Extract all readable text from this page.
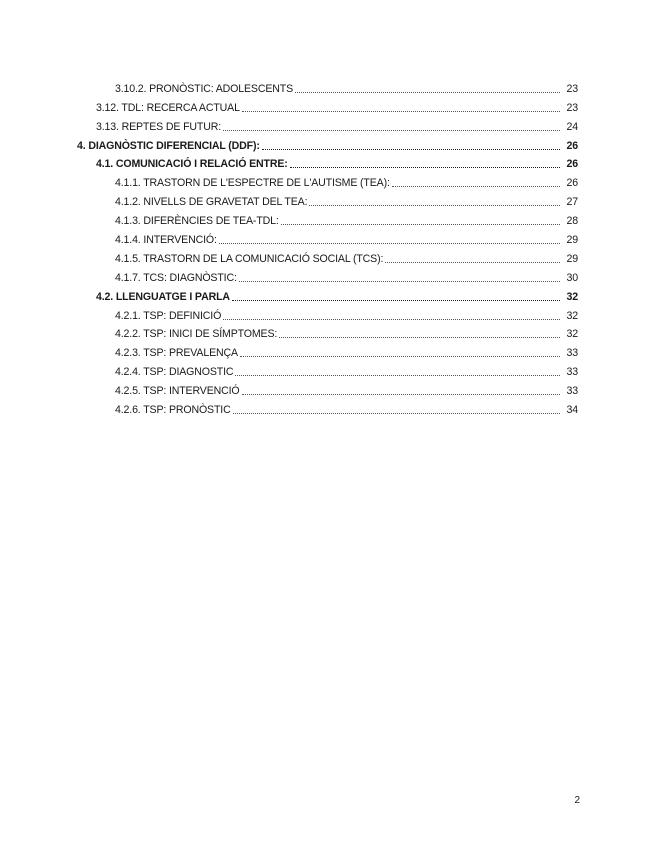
3.10.2. PRONÒSTIC: ADOLESCENTS	23
3.12. TDL: RECERCA ACTUAL	23
3.13. REPTES DE FUTUR:	24
4. DIAGNÒSTIC DIFERENCIAL (DDF):	26
4.1. COMUNICACIÓ I RELACIÓ ENTRE:	26
4.1.1. TRASTORN DE L'ESPECTRE DE L'AUTISME (TEA):	26
4.1.2. NIVELLS DE GRAVETAT DEL TEA:	27
4.1.3. DIFERÈNCIES DE TEA-TDL:	28
4.1.4. INTERVENCIÓ:	29
4.1.5. TRASTORN DE LA COMUNICACIÓ SOCIAL (TCS):	29
4.1.7. TCS: DIAGNÒSTIC:	30
4.2. LLENGUATGE I PARLA	32
4.2.1. TSP: DEFINICIÓ	32
4.2.2. TSP: INICI DE SÍMPTOMES:	32
4.2.3. TSP: PREVALENÇA	33
4.2.4. TSP: DIAGNOSTIC	33
4.2.5. TSP: INTERVENCIÓ	33
4.2.6. TSP: PRONÒSTIC	34
2
